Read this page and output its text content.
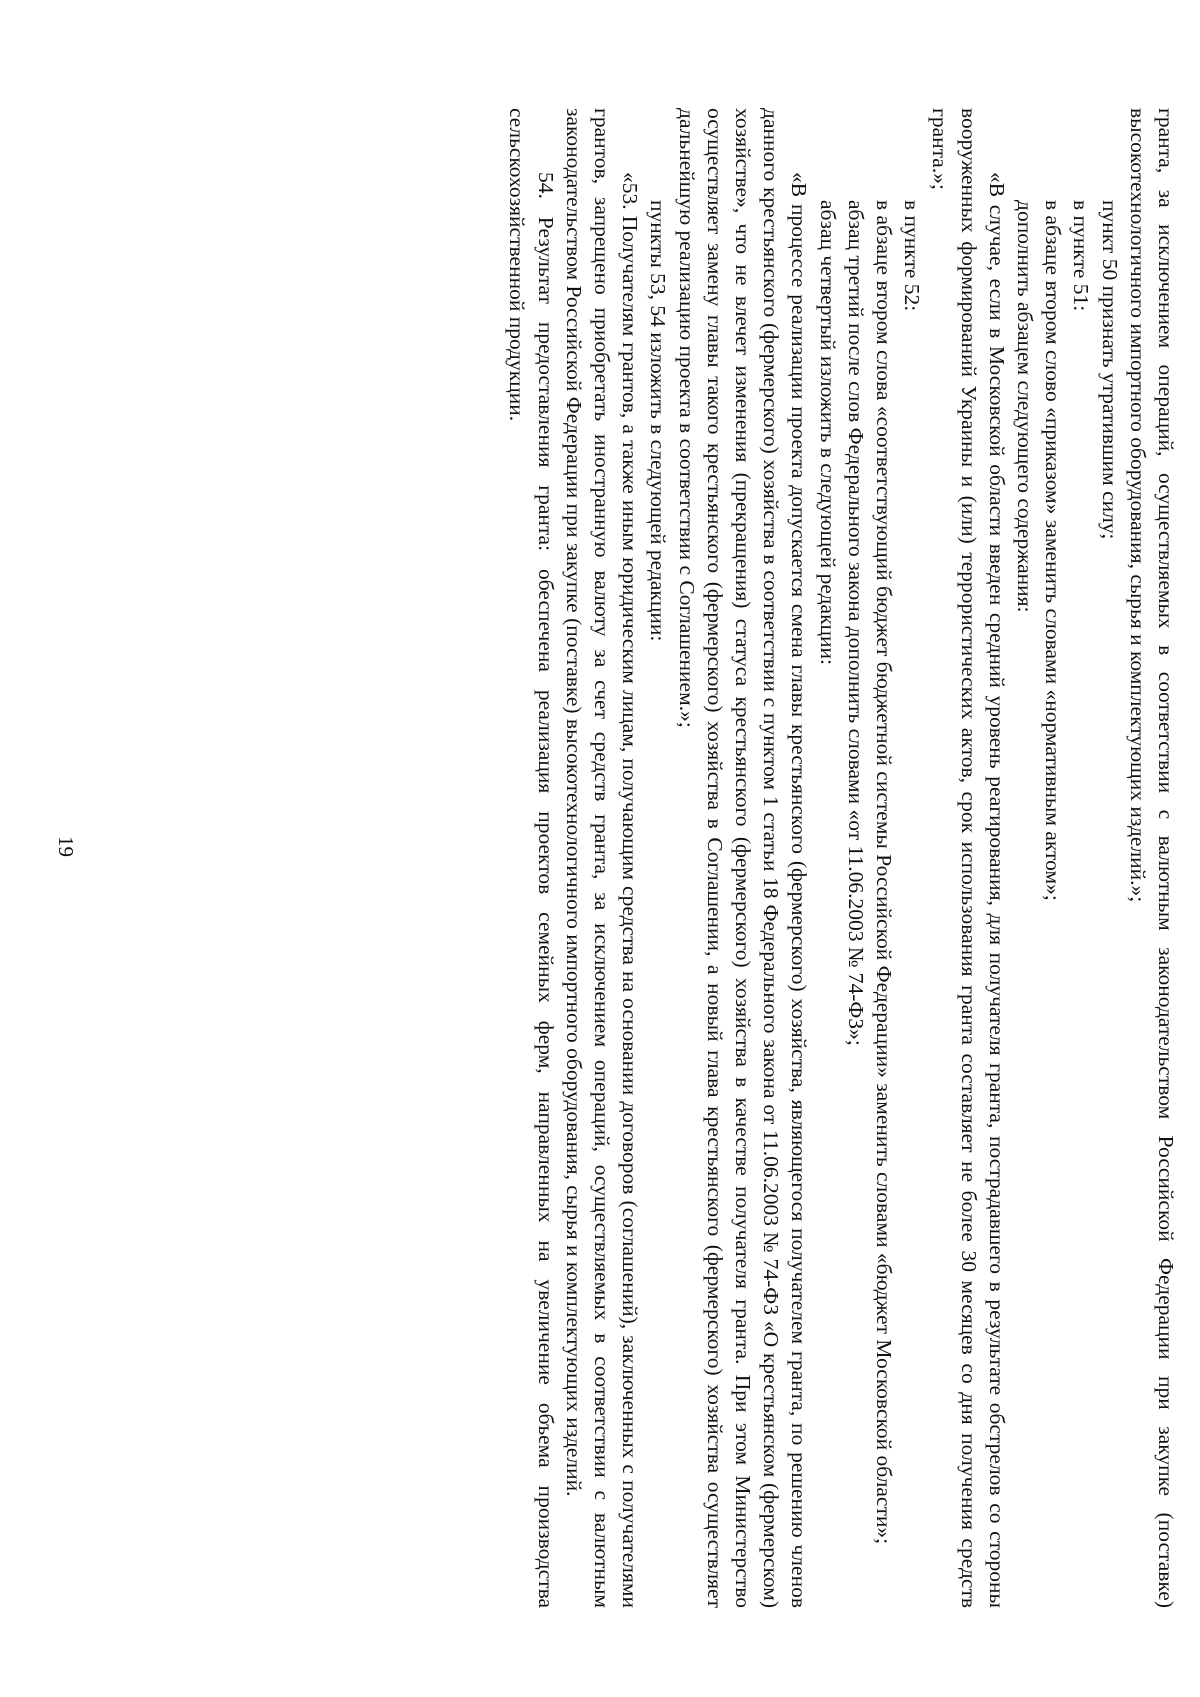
19	гранта, за исключением операций, осуществляемых в соответствии с валютным законодательством Российской Федерации при закупке (поставке) высокотехнологичного импортного оборудования, сырья и комплектующих изделий.»;

пункт 50 признать утратившим силу;

в пункте 51:

в абзаце втором слово «приказом» заменить словами «нормативным актом»;

дополнить абзацем следующего содержания:

«В случае, если в Московской области введен средний уровень реагирования, для получателя гранта, пострадавшего в результате обстрелов со стороны вооруженных формирований Украины и (или) террористических актов, срок использования гранта составляет не более 30 месяцев со дня получения средств гранта.»;

в пункте 52:

в абзаце втором слова «соответствующий бюджет бюджетной системы Российской Федерации» заменить словами «бюджет Московской области»;

абзац третий после слов Федерального закона дополнить словами «от 11.06.2003 № 74-ФЗ»;

абзац четвертый изложить в следующей редакции:

«В процессе реализации проекта допускается смена главы крестьянского (фермерского) хозяйства, являющегося получателем гранта, по решению членов данного крестьянского (фермерского) хозяйства в соответствии с пунктом 1 статьи 18 Федерального закона от 11.06.2003 № 74-ФЗ «О крестьянском (фермерском) хозяйстве», что не влечет изменения (прекращения) статуса крестьянского (фермерского) хозяйства в качестве получателя гранта. При этом Министерство осуществляет замену главы такого крестьянского (фермерского) хозяйства в Соглашении, а новый глава крестьянского (фермерского) хозяйства осуществляет дальнейшую реализацию проекта в соответствии с Соглашением.»;

пункты 53, 54 изложить в следующей редакции:

«53. Получателям грантов, а также иным юридическим лицам, получающим средства на основании договоров (соглашений), заключенных с получателями грантов, запрещено приобретать иностранную валюту за счет средств гранта, за исключением операций, осуществляемых в соответствии с валютным законодательством Российской Федерации при закупке (поставке) высокотехнологичного импортного оборудования, сырья и комплектующих изделий.

54. Результат предоставления гранта: обеспечена реализация проектов семейных ферм, направленных на увеличение объема производства сельскохозяйственной продукции.
